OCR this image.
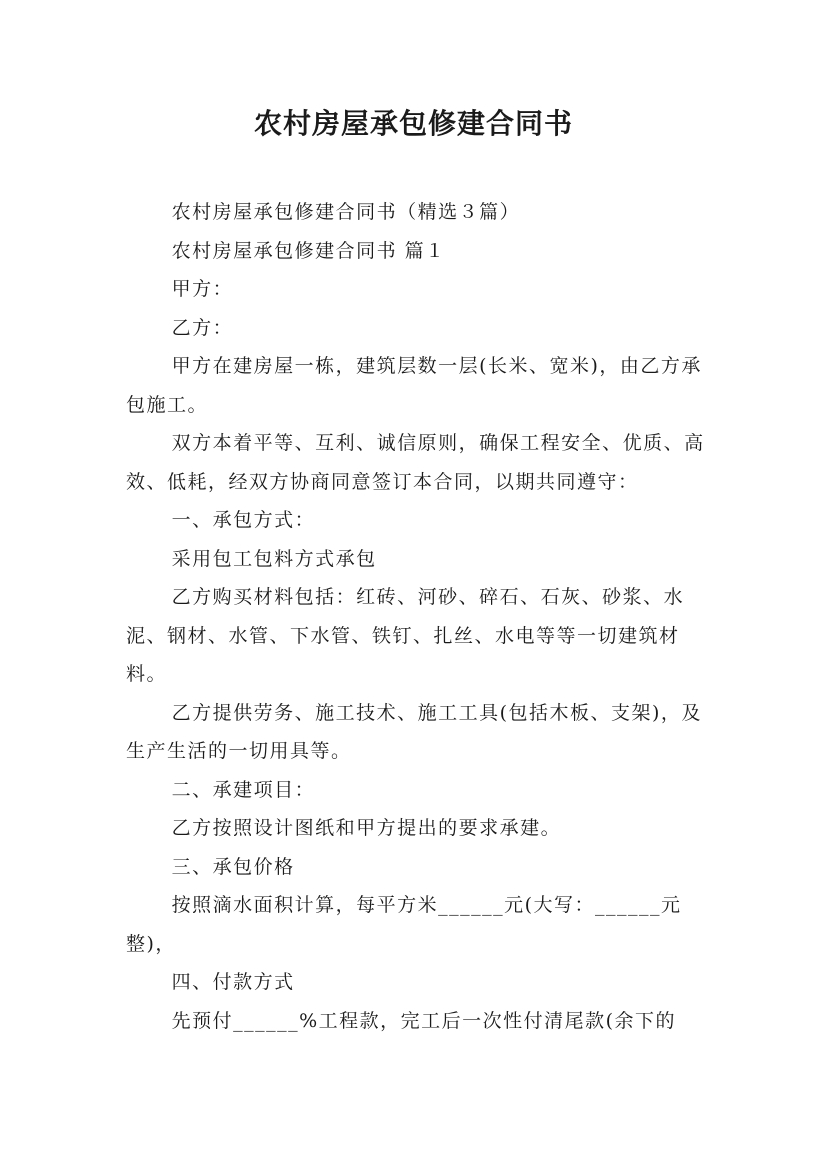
农村房屋承包修建合同书

农村房屋承包修建合同书（精选３篇）

农村房屋承包修建合同书 篇１

甲方：

乙方：

甲方在建房屋一栋，建筑层数一层(长米、宽米)，由乙方承包施工。

双方本着平等、互利、诚信原则，确保工程安全、优质、高效、低耗，经双方协商同意签订本合同，以期共同遵守：

一、承包方式：

采用包工包料方式承包

乙方购买材料包括：红砖、河砂、碎石、石灰、砂浆、水泥、钢材、水管、下水管、铁钉、扎丝、水电等等一切建筑材料。

乙方提供劳务、施工技术、施工工具(包括木板、支架)，及生产生活的一切用具等。

二、承建项目：

乙方按照设计图纸和甲方提出的要求承建。

三、承包价格

按照滴水面积计算，每平方米______元(大写：______元整)，

四、付款方式

先预付______%工程款，完工后一次性付清尾款(余下的
